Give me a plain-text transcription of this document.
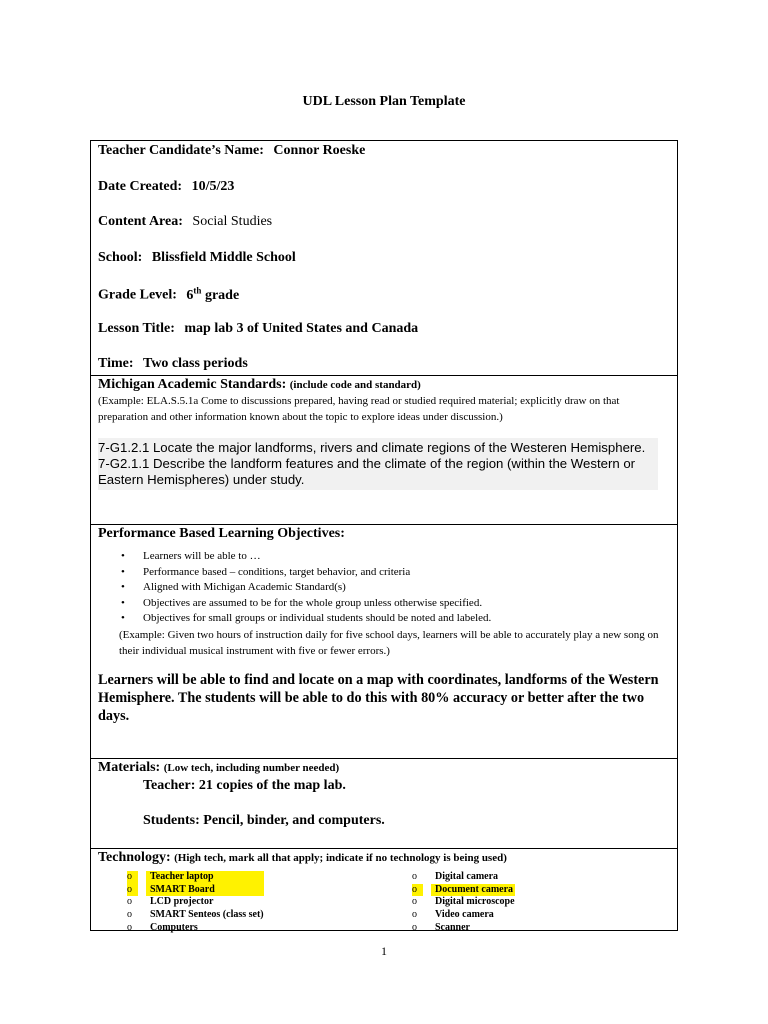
UDL Lesson Plan Template
Teacher Candidate’s Name: Connor Roeske
Date Created: 10/5/23
Content Area: Social Studies
School: Blissfield Middle School
Grade Level: 6th grade
Lesson Title: map lab 3 of United States and Canada
Time: Two class periods
Michigan Academic Standards: (include code and standard)
(Example: ELA.S.5.1a Come to discussions prepared, having read or studied required material; explicitly draw on that preparation and other information known about the topic to explore ideas under discussion.)
7-G1.2.1 Locate the major landforms, rivers and climate regions of the Westeren Hemisphere.
7-G2.1.1 Describe the landform features and the climate of the region (within the Western or Eastern Hemispheres) under study.
Performance Based Learning Objectives:
• Learners will be able to …
• Performance based – conditions, target behavior, and criteria
• Aligned with Michigan Academic Standard(s)
• Objectives are assumed to be for the whole group unless otherwise specified.
• Objectives for small groups or individual students should be noted and labeled.
(Example: Given two hours of instruction daily for five school days, learners will be able to accurately play a new song on their individual musical instrument with five or fewer errors.)
Learners will be able to find and locate on a map with coordinates, landforms of the Western Hemisphere. The students will be able to do this with 80% accuracy or better after the two days.
Materials: (Low tech, including number needed)
Teacher: 21 copies of the map lab.
Students: Pencil, binder, and computers.
Technology: (High tech, mark all that apply; indicate if no technology is being used)
o Teacher laptop
o SMART Board
o LCD projector
o SMART Senteos (class set)
o Computers
o Digital camera
o Document camera
o Digital microscope
o Video camera
o Scanner
1
